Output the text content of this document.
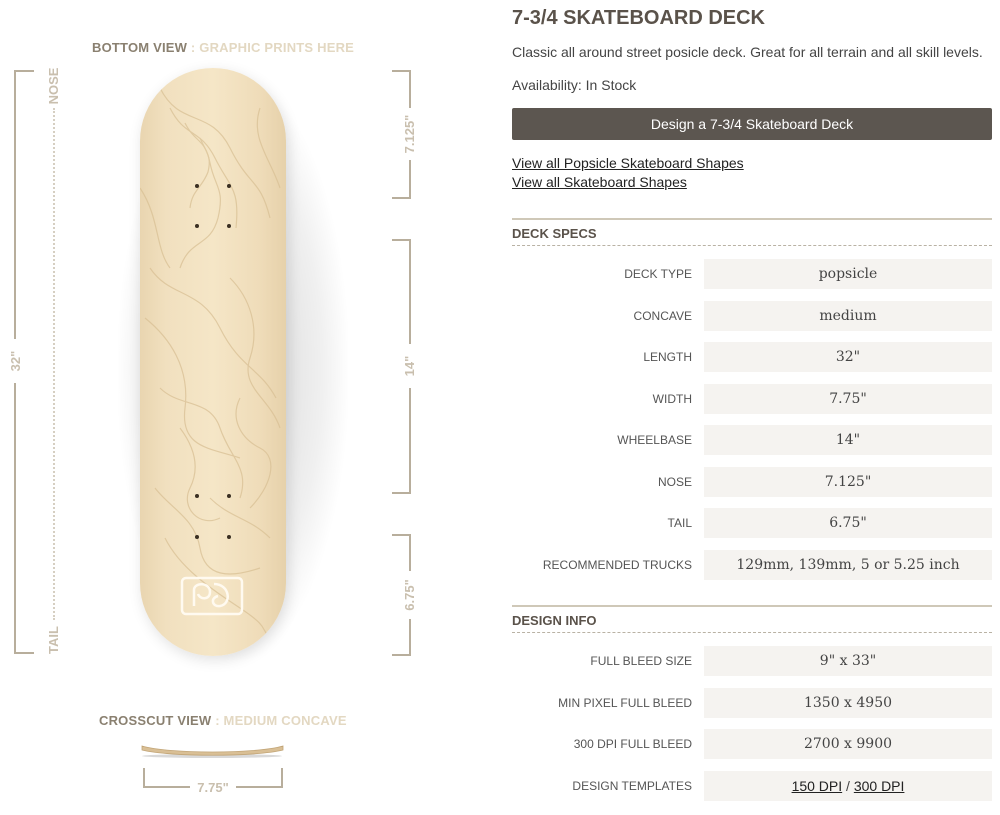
BOTTOM VIEW : GRAPHIC PRINTS HERE
32"
NOSE
TAIL
7.125"
14"
6.75"
CROSSCUT VIEW : MEDIUM CONCAVE
7.75"
7-3/4 SKATEBOARD DECK
Classic all around street posicle deck. Great for all terrain and all skill levels.
Availability: In Stock
Design a 7-3/4 Skateboard Deck
View all Popsicle Skateboard Shapes
View all Skateboard Shapes
DECK SPECS
DECK TYPE	popsicle
CONCAVE	medium
LENGTH	32"
WIDTH	7.75"
WHEELBASE	14"
NOSE	7.125"
TAIL	6.75"
RECOMMENDED TRUCKS	129mm, 139mm, 5 or 5.25 inch
DESIGN INFO
FULL BLEED SIZE	9" x 33"
MIN PIXEL FULL BLEED	1350 x 4950
300 DPI FULL BLEED	2700 x 9900
DESIGN TEMPLATES	150 DPI / 300 DPI
